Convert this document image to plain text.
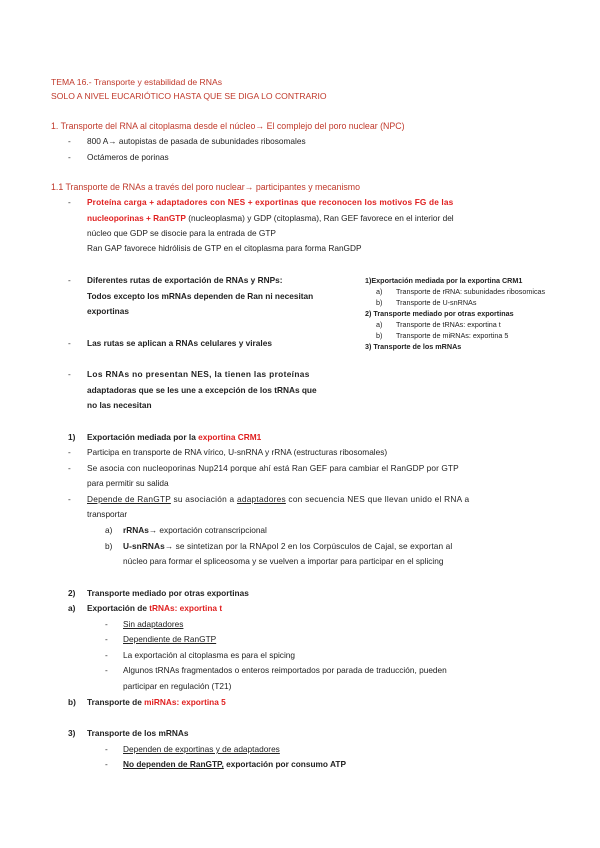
TEMA 16.- Transporte y estabilidad de RNAs
SOLO A NIVEL EUCARIÓTICO HASTA QUE SE DIGA LO CONTRARIO
1. Transporte del RNA al citoplasma desde el núcleo→ El complejo del poro nuclear (NPC)
- 800 A→ autopistas de pasada de subunidades ribosomales
- Octámeros de porinas
1.1 Transporte de RNAs a través del poro nuclear→ participantes y mecanismo
- Proteína carga + adaptadores con NES + exportinas que reconocen los motivos FG de las
nucleoporinas + RanGTP (nucleoplasma) y GDP (citoplasma), Ran GEF favorece en el interior del
núcleo que GDP se disocie para la entrada de GTP
Ran GAP favorece hidrólisis de GTP en el citoplasma para forma RanGDP
- Diferentes rutas de exportación de RNAs y RNPs:
Todos excepto los mRNAs dependen de Ran ni necesitan
exportinas
- Las rutas se aplican a RNAs celulares y virales
- Los RNAs no presentan NES, la tienen las proteínas
adaptadoras que se les une a excepción de los tRNAs que
no las necesitan
1)Exportación mediada por la exportina CRM1
a) Transporte de rRNA: subunidades ribosomicas
b) Transporte de U-snRNAs
2) Transporte mediado por otras exportinas
a) Transporte de tRNAs: exportina t
b) Transporte de miRNAs: exportina 5
3) Transporte de los mRNAs
1) Exportación mediada por la exportina CRM1
- Participa en transporte de RNA vírico, U-snRNA y rRNA (estructuras ribosomales)
- Se asocia con nucleoporinas Nup214 porque ahí está Ran GEF para cambiar el RanGDP por GTP
para permitir su salida
- Depende de RanGTP su asociación a adaptadores con secuencia NES que llevan unido el RNA a
transportar
a) rRNAs→ exportación cotranscripcional
b) U-snRNAs→ se sintetizan por la RNApol 2 en los Corpúsculos de Cajal, se exportan al
núcleo para formar el spliceosoma y se vuelven a importar para participar en el splicing
2) Transporte mediado por otras exportinas
a) Exportación de tRNAs: exportina t
- Sin adaptadores
- Dependiente de RanGTP
- La exportación al citoplasma es para el spicing
- Algunos tRNAs fragmentados o enteros reimportados por parada de traducción, pueden
participar en regulación (T21)
b) Transporte de miRNAs: exportina 5
3) Transporte de los mRNAs
- Dependen de exportinas y de adaptadores
- No dependen de RanGTP, exportación por consumo ATP
